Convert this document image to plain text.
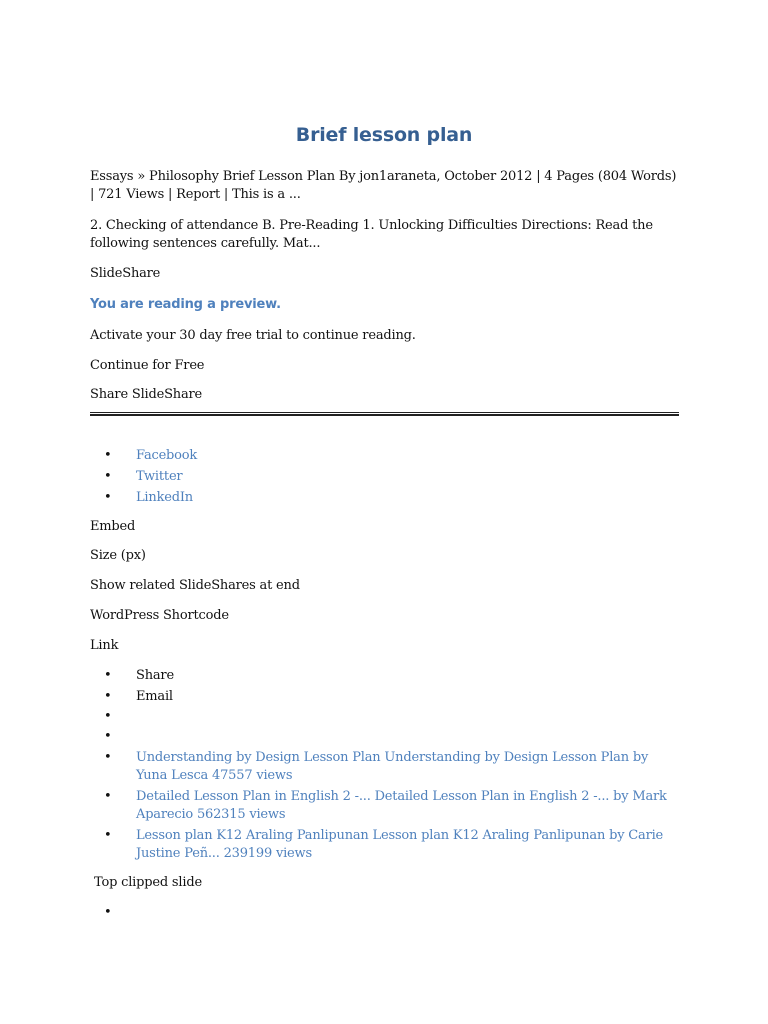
Brief lesson plan
Essays » Philosophy Brief Lesson Plan By jon1araneta, October 2012 | 4 Pages (804 Words) | 721 Views | Report | This is a ...
2. Checking of attendance B. Pre-Reading 1. Unlocking Difficulties Directions: Read the following sentences carefully. Mat...
SlideShare
You are reading a preview.
Activate your 30 day free trial to continue reading.
Continue for Free
Share SlideShare
• Facebook
• Twitter
• LinkedIn
Embed
Size (px)
Show related SlideShares at end
WordPress Shortcode
Link
• Share
• Email
•
•
• Understanding by Design Lesson Plan Understanding by Design Lesson Plan by Yuna Lesca 47557 views
• Detailed Lesson Plan in English 2 -... Detailed Lesson Plan in English 2 -... by Mark Aparecio 562315 views
• Lesson plan K12 Araling Panlipunan Lesson plan K12 Araling Panlipunan by Carie Justine Peñ... 239199 views
Top clipped slide
•
